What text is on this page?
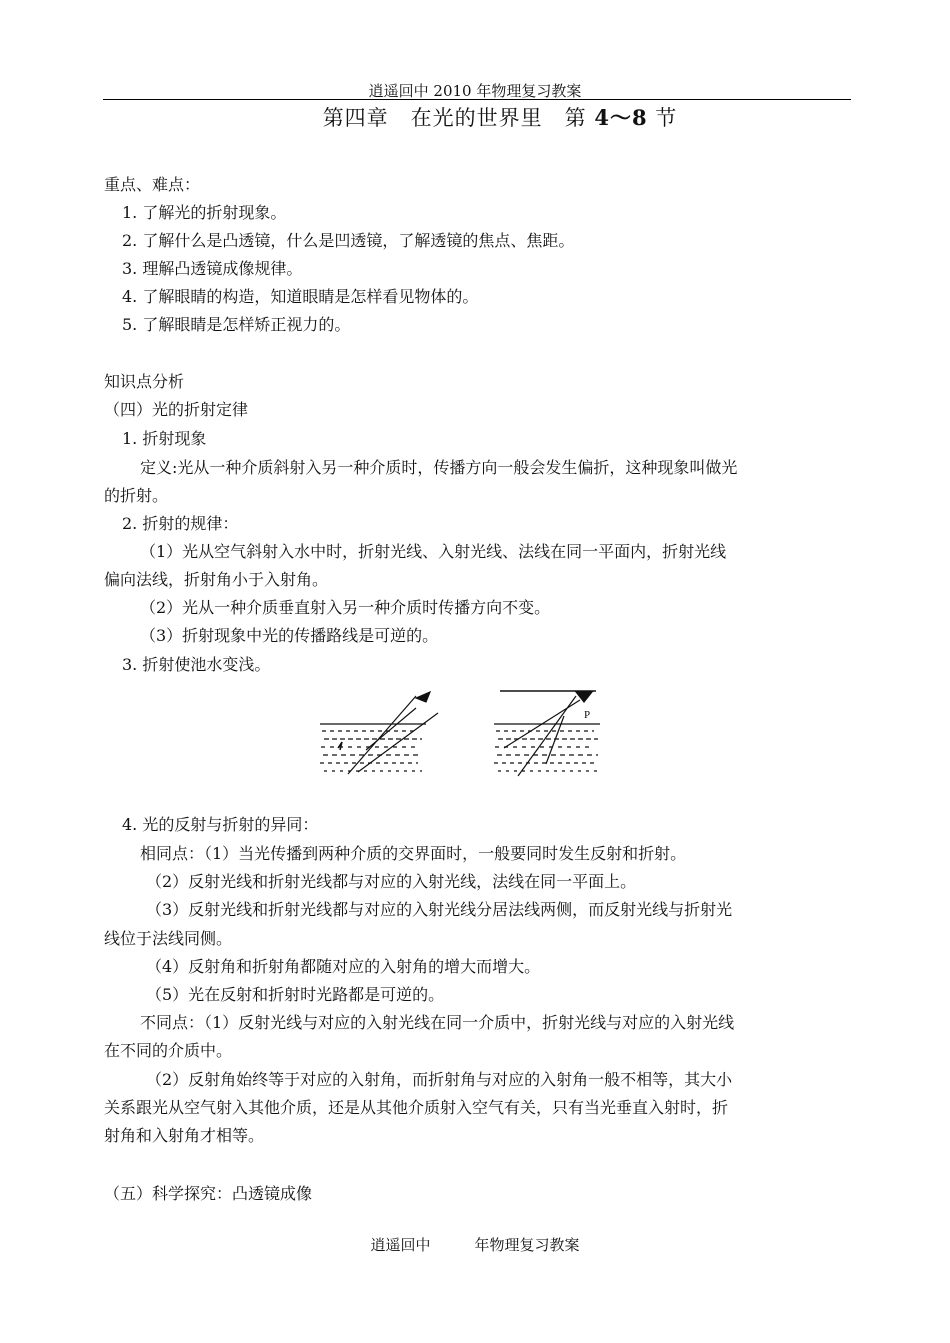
逍遥回中 2010 年物理复习教案
第四章　在光的世界里　第 4～8 节
重点、难点：
1. 了解光的折射现象。
2. 了解什么是凸透镜，什么是凹透镜，了解透镜的焦点、焦距。
3. 理解凸透镜成像规律。
4. 了解眼睛的构造，知道眼睛是怎样看见物体的。
5. 了解眼睛是怎样矫正视力的。
知识点分析
（四）光的折射定律
1. 折射现象
定义:光从一种介质斜射入另一种介质时，传播方向一般会发生偏折，这种现象叫做光
的折射。
2. 折射的规律：
（1）光从空气斜射入水中时，折射光线、入射光线、法线在同一平面内，折射光线
偏向法线，折射角小于入射角。
（2）光从一种介质垂直射入另一种介质时传播方向不变。
（3）折射现象中光的传播路线是可逆的。
3. 折射使池水变浅。
P
4. 光的反射与折射的异同：
相同点：（1）当光传播到两种介质的交界面时，一般要同时发生反射和折射。
（2）反射光线和折射光线都与对应的入射光线，法线在同一平面上。
（3）反射光线和折射光线都与对应的入射光线分居法线两侧，而反射光线与折射光
线位于法线同侧。
（4）反射角和折射角都随对应的入射角的增大而增大。
（5）光在反射和折射时光路都是可逆的。
不同点：（1）反射光线与对应的入射光线在同一介质中，折射光线与对应的入射光线
在不同的介质中。
（2）反射角始终等于对应的入射角，而折射角与对应的入射角一般不相等，其大小
关系跟光从空气射入其他介质，还是从其他介质射入空气有关，只有当光垂直入射时，折
射角和入射角才相等。
（五）科学探究：凸透镜成像
逍遥回中	年物理复习教案
